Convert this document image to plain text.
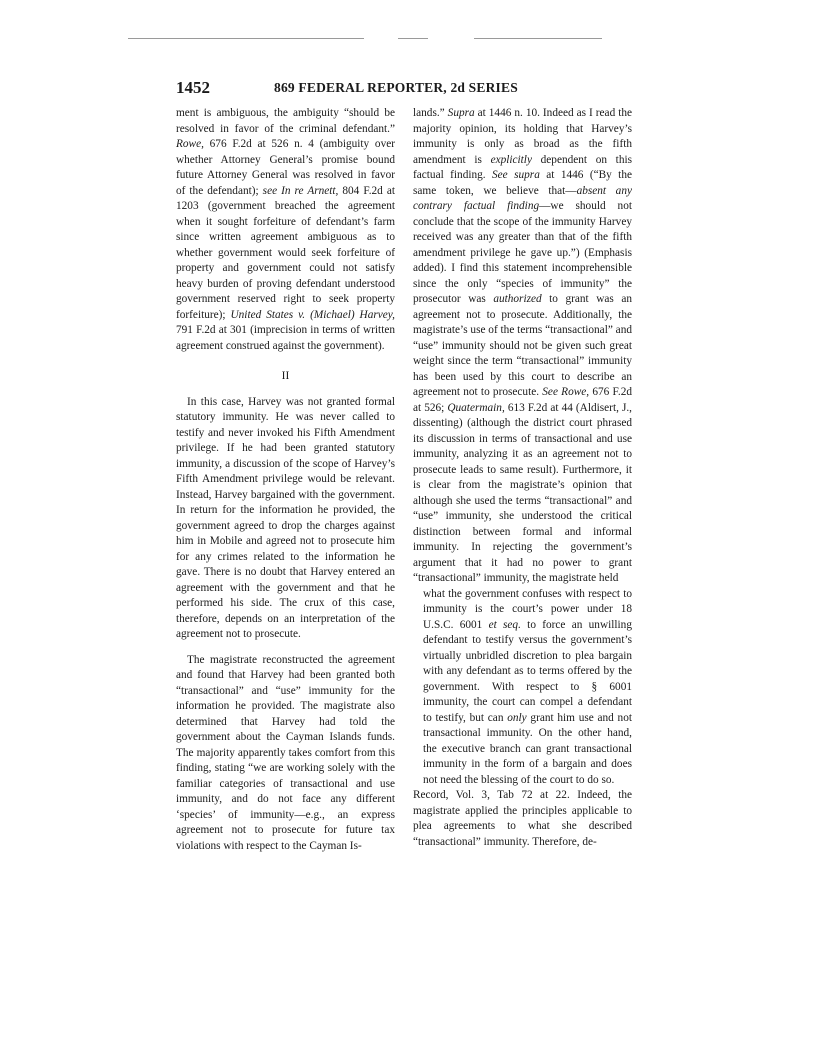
1452	869 FEDERAL REPORTER, 2d SERIES

ment is ambiguous, the ambiguity “should be resolved in favor of the criminal defendant.” Rowe, 676 F.2d at 526 n. 4 (ambiguity over whether Attorney General’s promise bound future Attorney General was resolved in favor of the defendant); see In re Arnett, 804 F.2d at 1203 (government breached the agreement when it sought forfeiture of defendant’s farm since written agreement ambiguous as to whether government would seek forfeiture of property and government could not satisfy heavy burden of proving defendant understood government reserved right to seek property forfeiture); United States v. (Michael) Harvey, 791 F.2d at 301 (imprecision in terms of written agreement construed against the government).

II

In this case, Harvey was not granted formal statutory immunity. He was never called to testify and never invoked his Fifth Amendment privilege. If he had been granted statutory immunity, a discussion of the scope of Harvey’s Fifth Amendment privilege would be relevant. Instead, Harvey bargained with the government. In return for the information he provided, the government agreed to drop the charges against him in Mobile and agreed not to prosecute him for any crimes related to the information he gave. There is no doubt that Harvey entered an agreement with the government and that he performed his side. The crux of this case, therefore, depends on an interpretation of the agreement not to prosecute.

The magistrate reconstructed the agreement and found that Harvey had been granted both “transactional” and “use” immunity for the information he provided. The magistrate also determined that Harvey had told the government about the Cayman Islands funds. The majority apparently takes comfort from this finding, stating “we are working solely with the familiar categories of transactional and use immunity, and do not face any different ‘species’ of immunity—e.g., an express agreement not to prosecute for future tax violations with respect to the Cayman Is-

lands.” Supra at 1446 n. 10. Indeed as I read the majority opinion, its holding that Harvey’s immunity is only as broad as the fifth amendment is explicitly dependent on this factual finding. See supra at 1446 (“By the same token, we believe that—absent any contrary factual finding—we should not conclude that the scope of the immunity Harvey received was any greater than that of the fifth amendment privilege he gave up.”) (Emphasis added). I find this statement incomprehensible since the only “species of immunity” the prosecutor was authorized to grant was an agreement not to prosecute. Additionally, the magistrate’s use of the terms “transactional” and “use” immunity should not be given such great weight since the term “transactional” immunity has been used by this court to describe an agreement not to prosecute. See Rowe, 676 F.2d at 526; Quatermain, 613 F.2d at 44 (Aldisert, J., dissenting) (although the district court phrased its discussion in terms of transactional and use immunity, analyzing it as an agreement not to prosecute leads to same result). Furthermore, it is clear from the magistrate’s opinion that although she used the terms “transactional” and “use” immunity, she understood the critical distinction between formal and informal immunity. In rejecting the government’s argument that it had no power to grant “transactional” immunity, the magistrate held

what the government confuses with respect to immunity is the court’s power under 18 U.S.C. 6001 et seq. to force an unwilling defendant to testify versus the government’s virtually unbridled discretion to plea bargain with any defendant as to terms offered by the government. With respect to § 6001 immunity, the court can compel a defendant to testify, but can only grant him use and not transactional immunity. On the other hand, the executive branch can grant transactional immunity in the form of a bargain and does not need the blessing of the court to do so.

Record, Vol. 3, Tab 72 at 22. Indeed, the magistrate applied the principles applicable to plea agreements to what she described “transactional” immunity. Therefore, de-
